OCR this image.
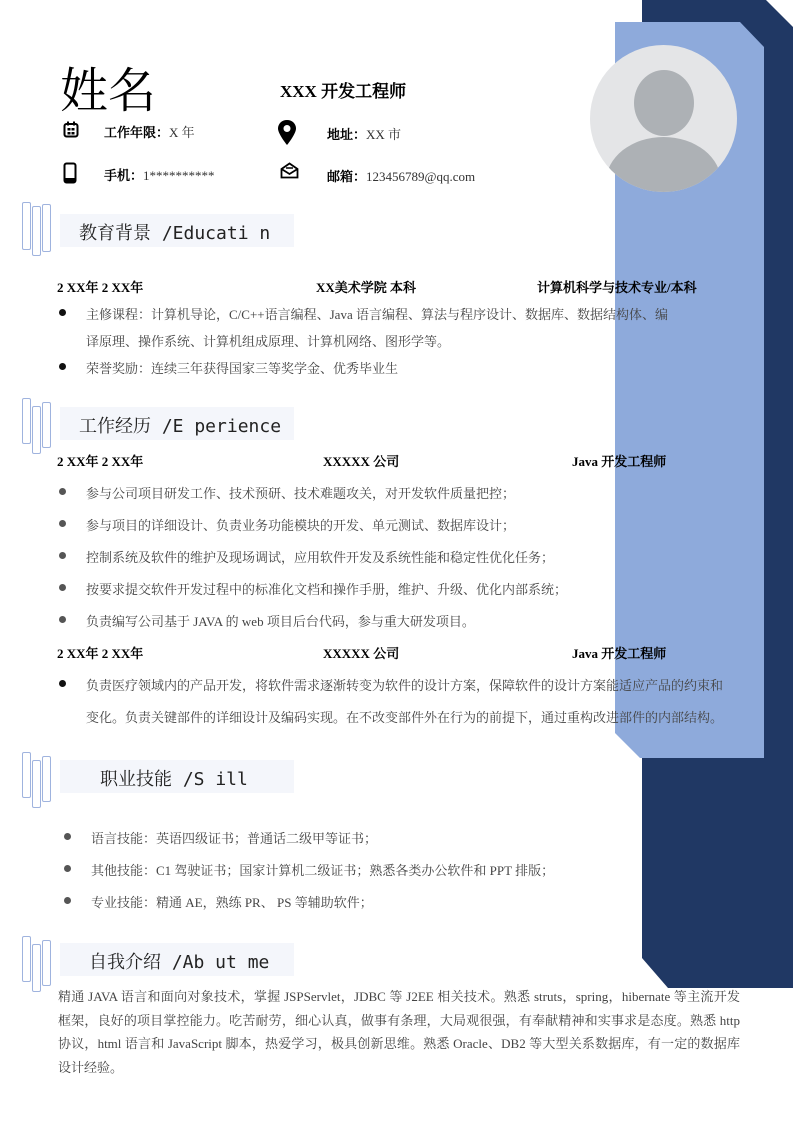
姓名	XXX 开发工程师
工作年限：X 年	地址：XX 市
手机：1**********	邮箱：123456789@qq.com
教育背景 /Educati n
2 XX年 2 XX年	XX美术学院 本科	计算机科学与技术专业/本科
主修课程：计算机导论，C/C++语言编程、Java 语言编程、算法与程序设计、数据库、数据结构体、编
译原理、操作系统、计算机组成原理、计算机网络、图形学等。
荣誉奖励：连续三年获得国家三等奖学金、优秀毕业生
工作经历 /E perience
2 XX年 2 XX年	XXXXX 公司	Java 开发工程师
参与公司项目研发工作、技术预研、技术难题攻关，对开发软件质量把控；
参与项目的详细设计、负责业务功能模块的开发、单元测试、数据库设计；
控制系统及软件的维护及现场调试，应用软件开发及系统性能和稳定性优化任务；
按要求提交软件开发过程中的标准化文档和操作手册，维护、升级、优化内部系统；
负责编写公司基于 JAVA 的 web 项目后台代码，参与重大研发项目。
2 XX年 2 XX年	XXXXX 公司	Java 开发工程师
负责医疗领域内的产品开发，将软件需求逐渐转变为软件的设计方案，保障软件的设计方案能适应产品的约束和
变化。负责关键部件的详细设计及编码实现。在不改变部件外在行为的前提下，通过重构改进部件的内部结构。
职业技能 /S ill
语言技能：英语四级证书；普通话二级甲等证书；
其他技能：C1 驾驶证书；国家计算机二级证书；熟悉各类办公软件和 PPT 排版；
专业技能：精通 AE，熟练 PR、 PS 等辅助软件；
自我介绍 /Ab ut me
精通 JAVA 语言和面向对象技术，掌握 JSPServlet，JDBC 等 J2EE 相关技术。熟悉 struts，spring，hibernate 等主流开发框架，良好的项目掌控能力。吃苦耐劳，细心认真，做事有条理，大局观很强，有奉献精神和实事求是态度。熟悉 http 协议，html 语言和 JavaScript 脚本，热爱学习，极具创新思维。熟悉 Oracle、DB2 等大型关系数据库，有一定的数据库设计经验。
